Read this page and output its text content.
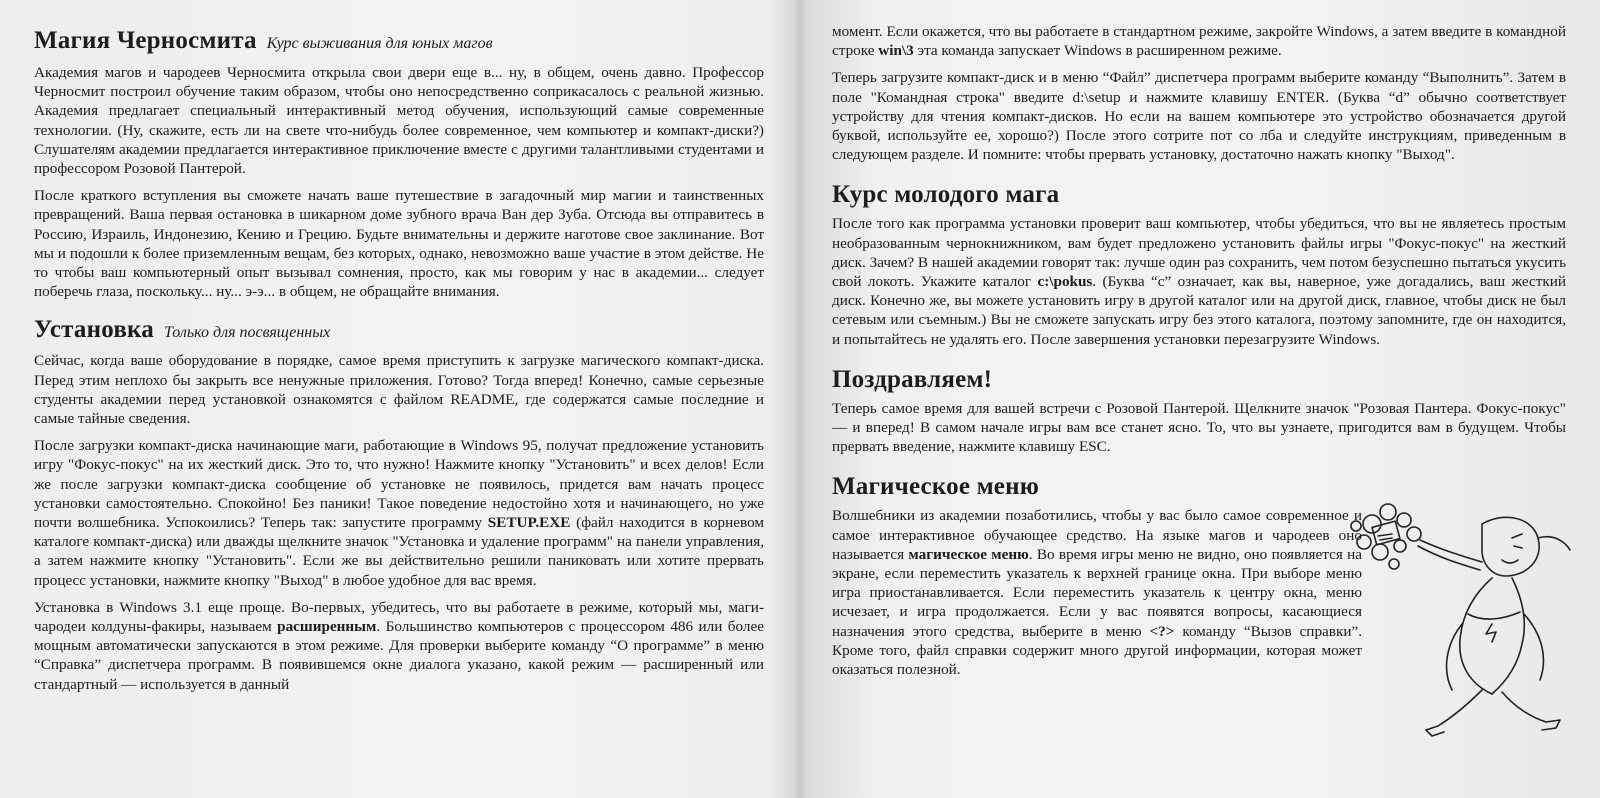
Магия Черносмита Курс выживания для юных магов

Академия магов и чародеев Черносмита открыла свои двери еще в... ну, в общем, очень давно. Профессор Черносмит построил обучение таким образом, чтобы оно непосредственно соприкасалось с реальной жизнью. Академия предлагает специальный интерактивный метод обучения, использующий самые современные технологии. (Ну, скажите, есть ли на свете что-нибудь более современное, чем компьютер и компакт-диски?) Слушателям академии предлагается интерактивное приключение вместе с другими талантливыми студентами и профессором Розовой Пантерой.

После краткого вступления вы сможете начать ваше путешествие в загадочный мир магии и таинственных превращений. Ваша первая остановка в шикарном доме зубного врача Ван дер Зуба. Отсюда вы отправитесь в Россию, Израиль, Индонезию, Кению и Грецию. Будьте внимательны и держите наготове свое заклинание. Вот мы и подошли к более приземленным вещам, без которых, однако, невозможно ваше участие в этом действе. Не то чтобы ваш компьютерный опыт вызывал сомнения, просто, как мы говорим у нас в академии... следует поберечь глаза, поскольку... ну... э-э... в общем, не обращайте внимания.

Установка Только для посвященных

Сейчас, когда ваше оборудование в порядке, самое время приступить к загрузке магического компакт-диска. Перед этим неплохо бы закрыть все ненужные приложения. Готово? Тогда вперед! Конечно, самые серьезные студенты академии перед установкой ознакомятся с файлом README, где содержатся самые последние и самые тайные сведения.

После загрузки компакт-диска начинающие маги, работающие в Windows 95, получат предложение установить игру "Фокус-покус" на их жесткий диск. Это то, что нужно! Нажмите кнопку "Установить" и всех делов! Если же после загрузки компакт-диска сообщение об установке не появилось, придется вам начать процесс установки самостоятельно. Спокойно! Без паники! Такое поведение недостойно хотя и начинающего, но уже почти волшебника. Успокоились? Теперь так: запустите программу SETUP.EXE (файл находится в корневом каталоге компакт-диска) или дважды щелкните значок "Установка и удаление программ" на панели управления, а затем нажмите кнопку "Установить". Если же вы действительно решили паниковать или хотите прервать процесс установки, нажмите кнопку "Выход" в любое удобное для вас время.

Установка в Windows 3.1 еще проще. Во-первых, убедитесь, что вы работаете в режиме, который мы, маги-чародеи колдуны-факиры, называем расширенным. Большинство компьютеров с процессором 486 или более мощным автоматически запускаются в этом режиме. Для проверки выберите команду “О программе” в меню “Справка” диспетчера программ. В появившемся окне диалога указано, какой режим — расширенный или стандартный — используется в данный

момент. Если окажется, что вы работаете в стандартном режиме, закройте Windows, а затем введите в командной строке win\3 эта команда запускает Windows в расширенном режиме.

Теперь загрузите компакт-диск и в меню “Файл” диспетчера программ выберите команду “Выполнить”. Затем в поле "Командная строка" введите d:\setup и нажмите клавишу ENTER. (Буква “d” обычно соответствует устройству для чтения компакт-дисков. Но если на вашем компьютере это устройство обозначается другой буквой, используйте ее, хорошо?) После этого сотрите пот со лба и следуйте инструкциям, приведенным в следующем разделе. И помните: чтобы прервать установку, достаточно нажать кнопку "Выход".

Курс молодого мага

После того как программа установки проверит ваш компьютер, чтобы убедиться, что вы не являетесь простым необразованным чернокнижником, вам будет предложено установить файлы игры "Фокус-покус" на жесткий диск. Зачем? В нашей академии говорят так: лучше один раз сохранить, чем потом безуспешно пытаться укусить свой локоть. Укажите каталог c:\pokus. (Буква “с” означает, как вы, наверное, уже догадались, ваш жесткий диск. Конечно же, вы можете установить игру в другой каталог или на другой диск, главное, чтобы диск не был сетевым или съемным.) Вы не сможете запускать игру без этого каталога, поэтому запомните, где он находится, и попытайтесь не удалять его. После завершения установки перезагрузите Windows.

Поздравляем!

Теперь самое время для вашей встречи с Розовой Пантерой. Щелкните значок "Розовая Пантера. Фокус-покус" — и вперед! В самом начале игры вам все станет ясно. То, что вы узнаете, пригодится вам в будущем. Чтобы прервать введение, нажмите клавишу ESC.

Магическое меню

Волшебники из академии позаботились, чтобы у вас было самое современное и самое интерактивное обучающее средство. На языке магов и чародеев оно называется магическое меню. Во время игры меню не видно, оно появляется на экране, если переместить указатель к верхней границе окна. При выборе меню игра приостанавливается. Если переместить указатель к центру окна, меню исчезает, и игра продолжается. Если у вас появятся вопросы, касающиеся назначения этого средства, выберите в меню <?> команду “Вызов справки”. Кроме того, файл справки содержит много другой информации, которая может оказаться полезной.
